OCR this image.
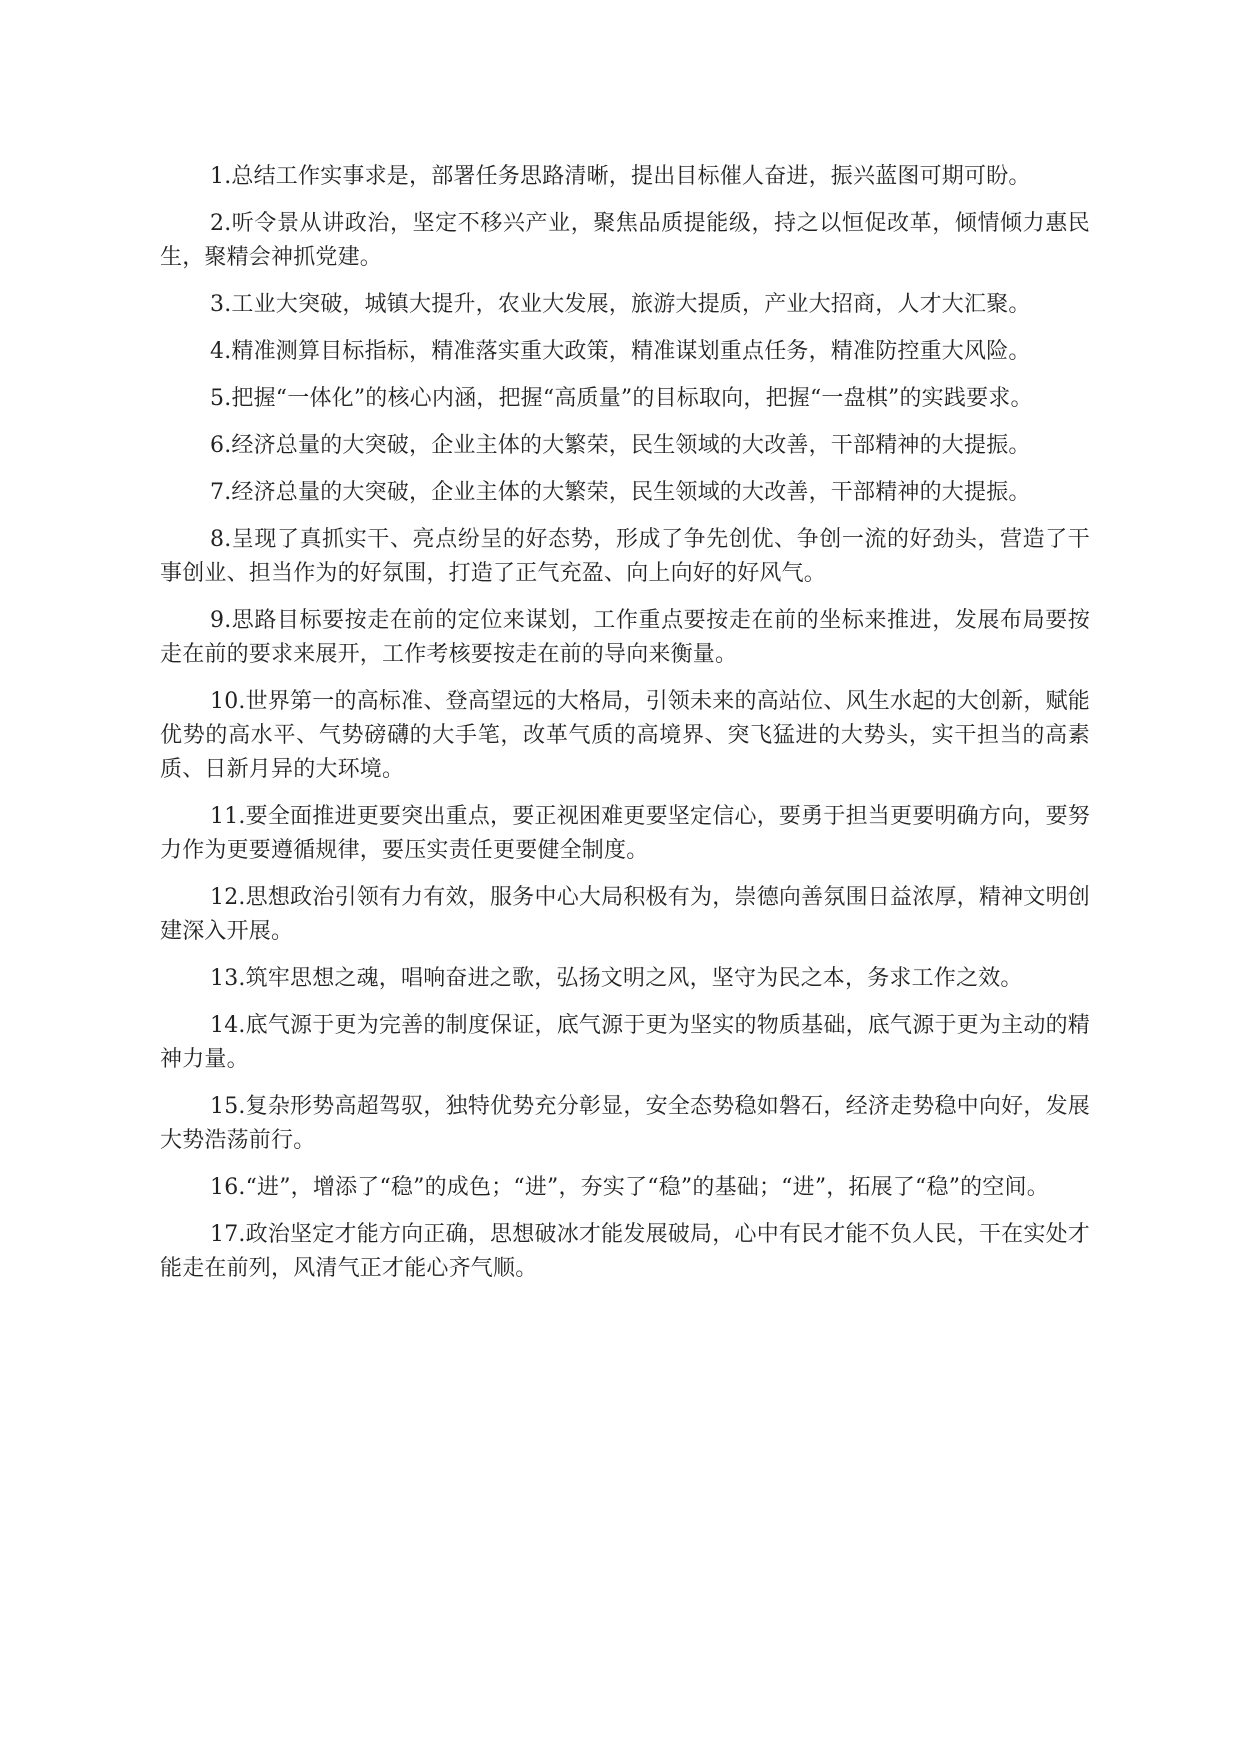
1.总结工作实事求是，部署任务思路清晰，提出目标催人奋进，振兴蓝图可期可盼。

2.听令景从讲政治，坚定不移兴产业，聚焦品质提能级，持之以恒促改革，倾情倾力惠民生，聚精会神抓党建。

3.工业大突破，城镇大提升，农业大发展，旅游大提质，产业大招商，人才大汇聚。

4.精准测算目标指标，精准落实重大政策，精准谋划重点任务，精准防控重大风险。

5.把握“一体化”的核心内涵，把握“高质量”的目标取向，把握“一盘棋”的实践要求。

6.经济总量的大突破，企业主体的大繁荣，民生领域的大改善，干部精神的大提振。

7.经济总量的大突破，企业主体的大繁荣，民生领域的大改善，干部精神的大提振。

8.呈现了真抓实干、亮点纷呈的好态势，形成了争先创优、争创一流的好劲头，营造了干事创业、担当作为的好氛围，打造了正气充盈、向上向好的好风气。

9.思路目标要按走在前的定位来谋划，工作重点要按走在前的坐标来推进，发展布局要按走在前的要求来展开，工作考核要按走在前的导向来衡量。

10.世界第一的高标准、登高望远的大格局，引领未来的高站位、风生水起的大创新，赋能优势的高水平、气势磅礴的大手笔，改革气质的高境界、突飞猛进的大势头，实干担当的高素质、日新月异的大环境。

11.要全面推进更要突出重点，要正视困难更要坚定信心，要勇于担当更要明确方向，要努力作为更要遵循规律，要压实责任更要健全制度。

12.思想政治引领有力有效，服务中心大局积极有为，崇德向善氛围日益浓厚，精神文明创建深入开展。

13.筑牢思想之魂，唱响奋进之歌，弘扬文明之风，坚守为民之本，务求工作之效。

14.底气源于更为完善的制度保证，底气源于更为坚实的物质基础，底气源于更为主动的精神力量。

15.复杂形势高超驾驭，独特优势充分彰显，安全态势稳如磐石，经济走势稳中向好，发展大势浩荡前行。

16.“进”，增添了“稳”的成色；“进”，夯实了“稳”的基础；“进”，拓展了“稳”的空间。

17.政治坚定才能方向正确，思想破冰才能发展破局，心中有民才能不负人民，干在实处才能走在前列，风清气正才能心齐气顺。
